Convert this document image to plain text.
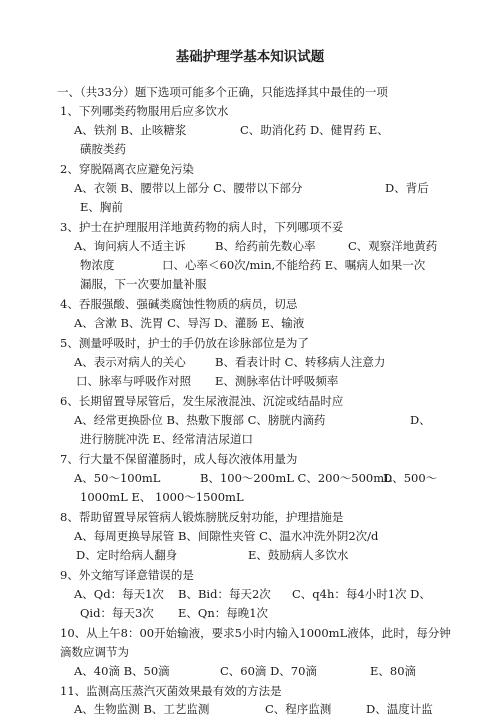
基础护理学基本知识试题
一、（共33分）题下选项可能多个正确，只能选择其中最佳的一项
1、下列哪类药物服用后应多饮水
A、铁剂 B、止咳糖浆	C、助消化药 D、健胃药 E、
磺胺类药
2、穿脱隔离衣应避免污染
A、衣领 B、腰带以上部分 C、腰带以下部分	D、背后
E、胸前
3、护士在护理服用洋地黄药物的病人时，下列哪项不妥
A、询问病人不适主诉	B、给药前先数心率	C、观察洋地黄药
物浓度	口、心率＜60次/min,不能给药 E、嘱病人如果一次
漏服，下一次要加量补服
4、吞服强酸、强碱类腐蚀性物质的病员，切忌
A、含漱 B、洗胃 C、导泻 D、灌肠 E、输液
5、测量呼吸时，护士的手仍放在诊脉部位是为了
A、表示对病人的关心	B、看表计时 C、转移病人注意力
口、脉率与呼吸作对照 E、测脉率估计呼吸频率
6、长期留置导尿管后，发生尿液混浊、沉淀或结晶时应
A、经常更换卧位 B、热敷下腹部 C、膀胱内滴药	D、
进行膀胱冲洗 E、经常清洁尿道口
7、行大量不保留灌肠时，成人每次液体用量为
A、50～100mL	B、100～200mL C、200～500mL
D、500～
1000mL E、 1000～1500mL
8、帮助留置导尿管病人锻炼膀胱反射功能，护理措施是
A、每周更换导尿管 B、间隙性夹管 C、温水冲洗外阴2次/d
D、定时给病人翻身	E、鼓励病人多饮水
9、外文缩写译意错误的是
A、Qd：每天1次 B、Bid：每天2次 C、q4h：每4小时1次 D、
Qid：每天3次 E、Qn：每晚1次
10、从上午8：00开始输液，要求5小时内输入1000mL液体，此时，每分钟
滴数应调节为
A、40滴 B、50滴	C、60滴 D、70滴	E、80滴
11、监测高压蒸汽灭菌效果最有效的方法是
A、生物监测 B、工艺监测	C、程序监测	D、温度计监
